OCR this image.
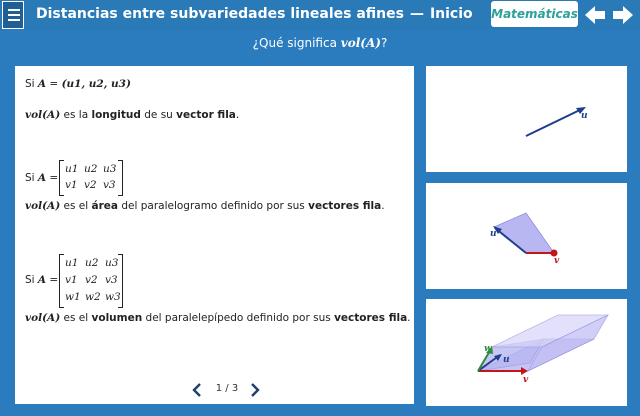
Distancias entre subvariedades lineales afines — Inicio Matemáticas
¿Qué significa vol(A)?
Si A = (u1, u2, u3)
vol(A) es la longitud de su vector fila.
Si A =
u1 u2 u3
v1 v2 v3
vol(A) es el área del paralelogramo definido por sus vectores fila.
Si A =
u1 u2 u3
v1 v2 v3
w1 w2 w3
vol(A) es el volumen del paralelepípedo definido por sus vectores fila.
1 / 3
u
u
v
u
v
w
